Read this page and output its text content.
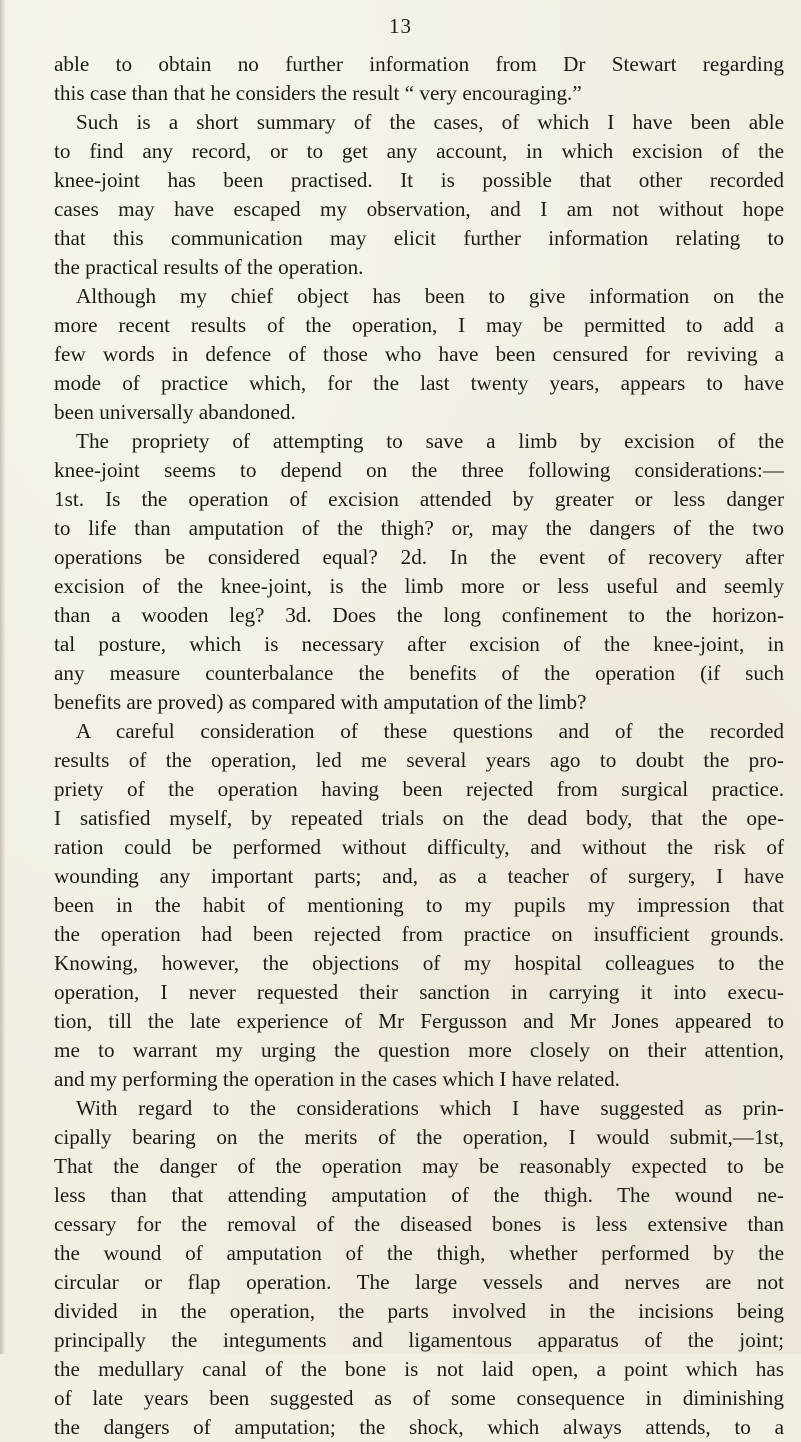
13
able to obtain no further information from Dr Stewart regarding
this case than that he considers the result “ very encouraging.”
Such is a short summary of the cases, of which I have been able
to find any record, or to get any account, in which excision of the
knee-joint has been practised. It is possible that other recorded
cases may have escaped my observation, and I am not without hope
that this communication may elicit further information relating to
the practical results of the operation.
Although my chief object has been to give information on the
more recent results of the operation, I may be permitted to add a
few words in defence of those who have been censured for reviving a
mode of practice which, for the last twenty years, appears to have
been universally abandoned.
The propriety of attempting to save a limb by excision of the
knee-joint seems to depend on the three following considerations:—
1st. Is the operation of excision attended by greater or less danger
to life than amputation of the thigh? or, may the dangers of the two
operations be considered equal? 2d. In the event of recovery after
excision of the knee-joint, is the limb more or less useful and seemly
than a wooden leg? 3d. Does the long confinement to the horizon-
tal posture, which is necessary after excision of the knee-joint, in
any measure counterbalance the benefits of the operation (if such
benefits are proved) as compared with amputation of the limb?
A careful consideration of these questions and of the recorded
results of the operation, led me several years ago to doubt the pro-
priety of the operation having been rejected from surgical practice.
I satisfied myself, by repeated trials on the dead body, that the ope-
ration could be performed without difficulty, and without the risk of
wounding any important parts; and, as a teacher of surgery, I have
been in the habit of mentioning to my pupils my impression that
the operation had been rejected from practice on insufficient grounds.
Knowing, however, the objections of my hospital colleagues to the
operation, I never requested their sanction in carrying it into execu-
tion, till the late experience of Mr Fergusson and Mr Jones appeared to
me to warrant my urging the question more closely on their attention,
and my performing the operation in the cases which I have related.
With regard to the considerations which I have suggested as prin-
cipally bearing on the merits of the operation, I would submit,—1st,
That the danger of the operation may be reasonably expected to be
less than that attending amputation of the thigh. The wound ne-
cessary for the removal of the diseased bones is less extensive than
the wound of amputation of the thigh, whether performed by the
circular or flap operation. The large vessels and nerves are not
divided in the operation, the parts involved in the incisions being
principally the integuments and ligamentous apparatus of the joint;
the medullary canal of the bone is not laid open, a point which has
of late years been suggested as of some consequence in diminishing
the dangers of amputation; the shock, which always attends, to a
